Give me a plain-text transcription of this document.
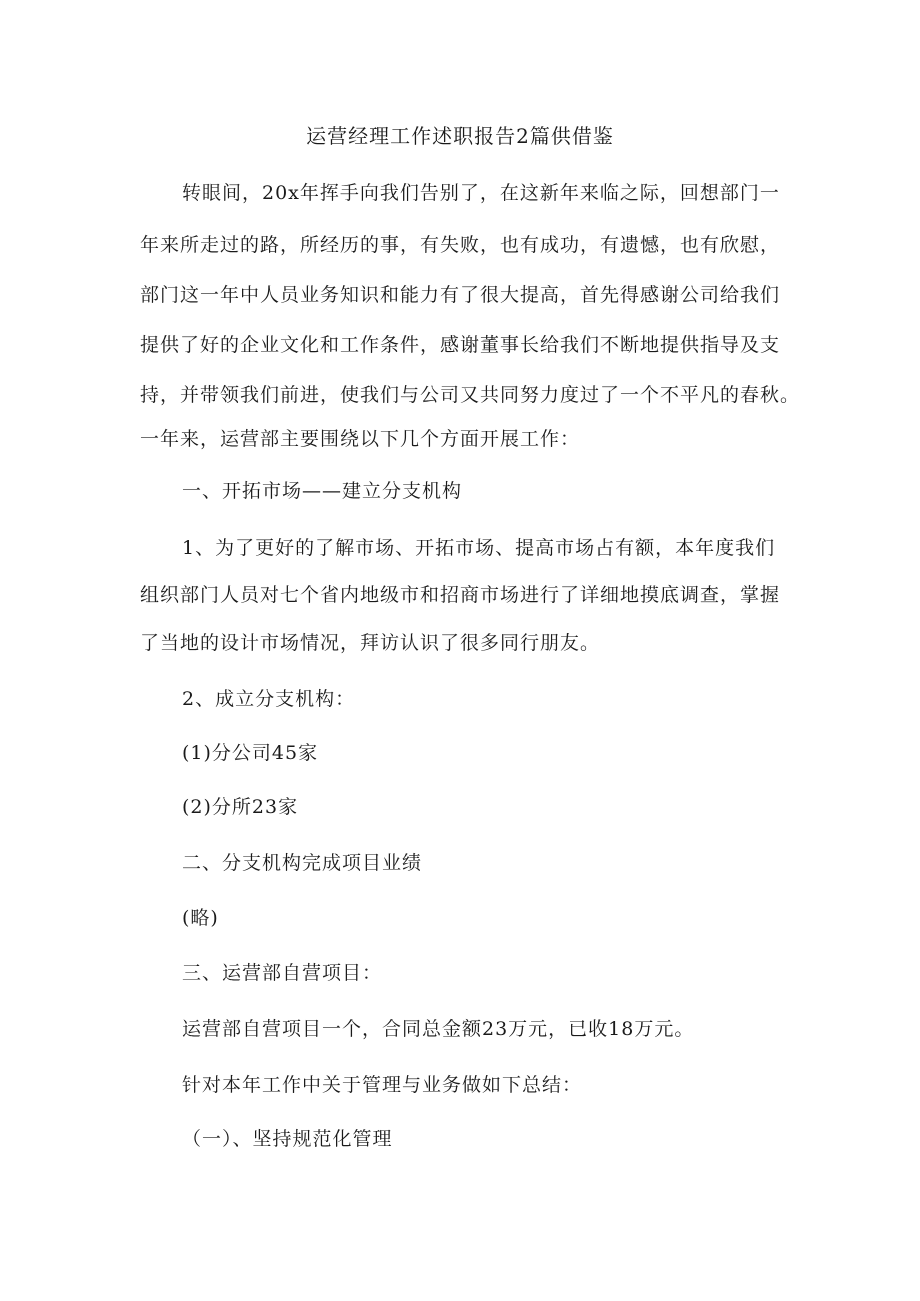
运营经理工作述职报告2篇供借鉴
转眼间，20x年挥手向我们告别了，在这新年来临之际，回想部门一
年来所走过的路，所经历的事，有失败，也有成功，有遗憾，也有欣慰，
部门这一年中人员业务知识和能力有了很大提高，首先得感谢公司给我们
提供了好的企业文化和工作条件，感谢董事长给我们不断地提供指导及支
持，并带领我们前进，使我们与公司又共同努力度过了一个不平凡的春秋。
一年来，运营部主要围绕以下几个方面开展工作：
一、开拓市场——建立分支机构
1、为了更好的了解市场、开拓市场、提高市场占有额，本年度我们
组织部门人员对七个省内地级市和招商市场进行了详细地摸底调查，掌握
了当地的设计市场情况，拜访认识了很多同行朋友。
2、成立分支机构：
(1)分公司45家
(2)分所23家
二、分支机构完成项目业绩
(略)
三、运营部自营项目：
运营部自营项目一个，合同总金额23万元，已收18万元。
针对本年工作中关于管理与业务做如下总结：
（一）、坚持规范化管理
